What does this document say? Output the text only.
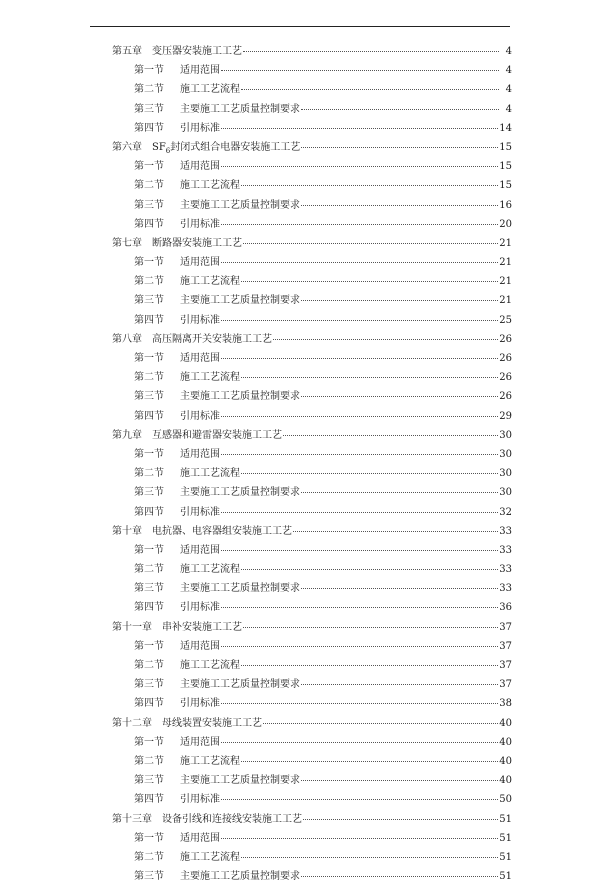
第五章 变压器安装施工工艺	4
第一节	适用范围	4
第二节	施工工艺流程	4
第三节	主要施工工艺质量控制要求	4
第四节	引用标准	14
第六章 $SF_6$封闭式组合电器安装施工工艺	15
第一节	适用范围	15
第二节	施工工艺流程	15
第三节	主要施工工艺质量控制要求	16
第四节	引用标准	20
第七章 断路器安装施工工艺	21
第一节	适用范围	21
第二节	施工工艺流程	21
第三节	主要施工工艺质量控制要求	21
第四节	引用标准	25
第八章 高压隔离开关安装施工工艺	26
第一节	适用范围	26
第二节	施工工艺流程	26
第三节	主要施工工艺质量控制要求	26
第四节	引用标准	29
第九章 互感器和避雷器安装施工工艺	30
第一节	适用范围	30
第二节	施工工艺流程	30
第三节	主要施工工艺质量控制要求	30
第四节	引用标准	32
第十章 电抗器、电容器组安装施工工艺	33
第一节	适用范围	33
第二节	施工工艺流程	33
第三节	主要施工工艺质量控制要求	33
第四节	引用标准	36
第十一章 串补安装施工工艺	37
第一节	适用范围	37
第二节	施工工艺流程	37
第三节	主要施工工艺质量控制要求	37
第四节	引用标准	38
第十二章 母线装置安装施工工艺	40
第一节	适用范围	40
第二节	施工工艺流程	40
第三节	主要施工工艺质量控制要求	40
第四节	引用标准	50
第十三章 设备引线和连接线安装施工工艺	51
第一节	适用范围	51
第二节	施工工艺流程	51
第三节	主要施工工艺质量控制要求	51
